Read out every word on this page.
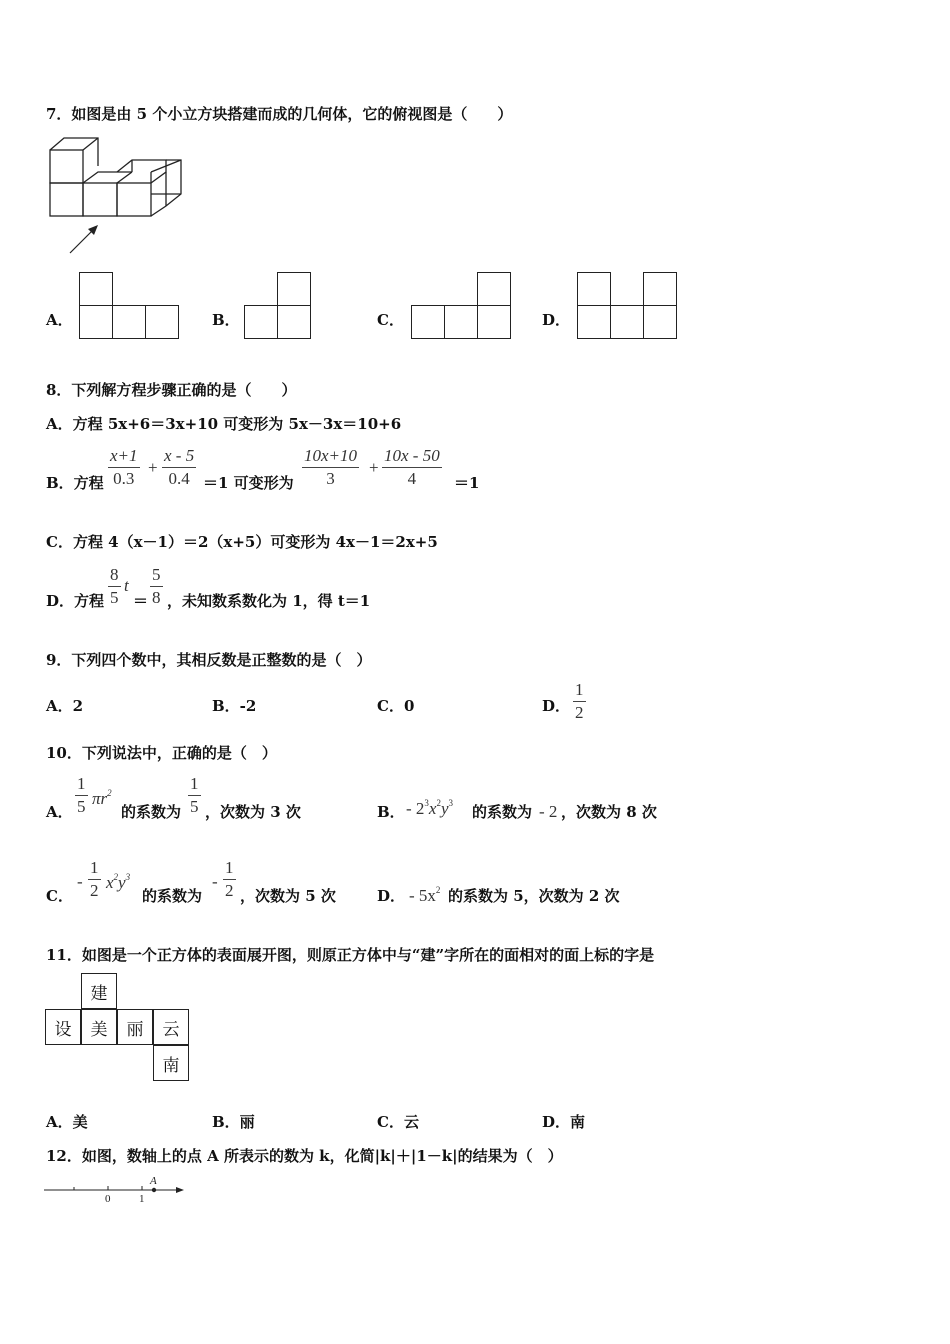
7．如图是由 5 个小立方块搭建而成的几何体，它的俯视图是（　　）
A．	B．	C．	D．
8．下列解方程步骤正确的是（　　）
A．方程 5x+6＝3x+10 可变形为 5x－3x＝10+6
B．方程
x+1
0.3
+
x - 5
0.4 ＝1 可变形为
10x+10
3
+
10x - 50
4	＝1
C．方程 4（x－1）＝2（x+5）可变形为 4x－1＝2x+5
D．方程
8
5
t
＝
5
8 ，未知数系数化为 1，得 t＝1
9．下列四个数中，其相反数是正整数的是（　）
A．2	B．-2	C．0	D．
1
2
10．下列说法中，正确的是（　）
A．
1
5 $\pi r^2$
的系数为
1
5 ，次数为 3 次	B． - $2^3x^2y^3$ 的系数为 - 2 ，次数为 8 次
C．
-
1
2 $x^2y^3$
的系数为
-
1
2 ，次数为 5 次	D． - $5x^2$ 的系数为 5，次数为 2 次
11．如图是一个正方体的表面展开图，则原正方体中与“建”字所在的面相对的面上标的字是
建
设	美	丽	云
南
A．美	B．丽	C．云	D．南
12．如图，数轴上的点 A 所表示的数为 k，化简|k|＋|1－k|的结果为（　）
0	1
A
